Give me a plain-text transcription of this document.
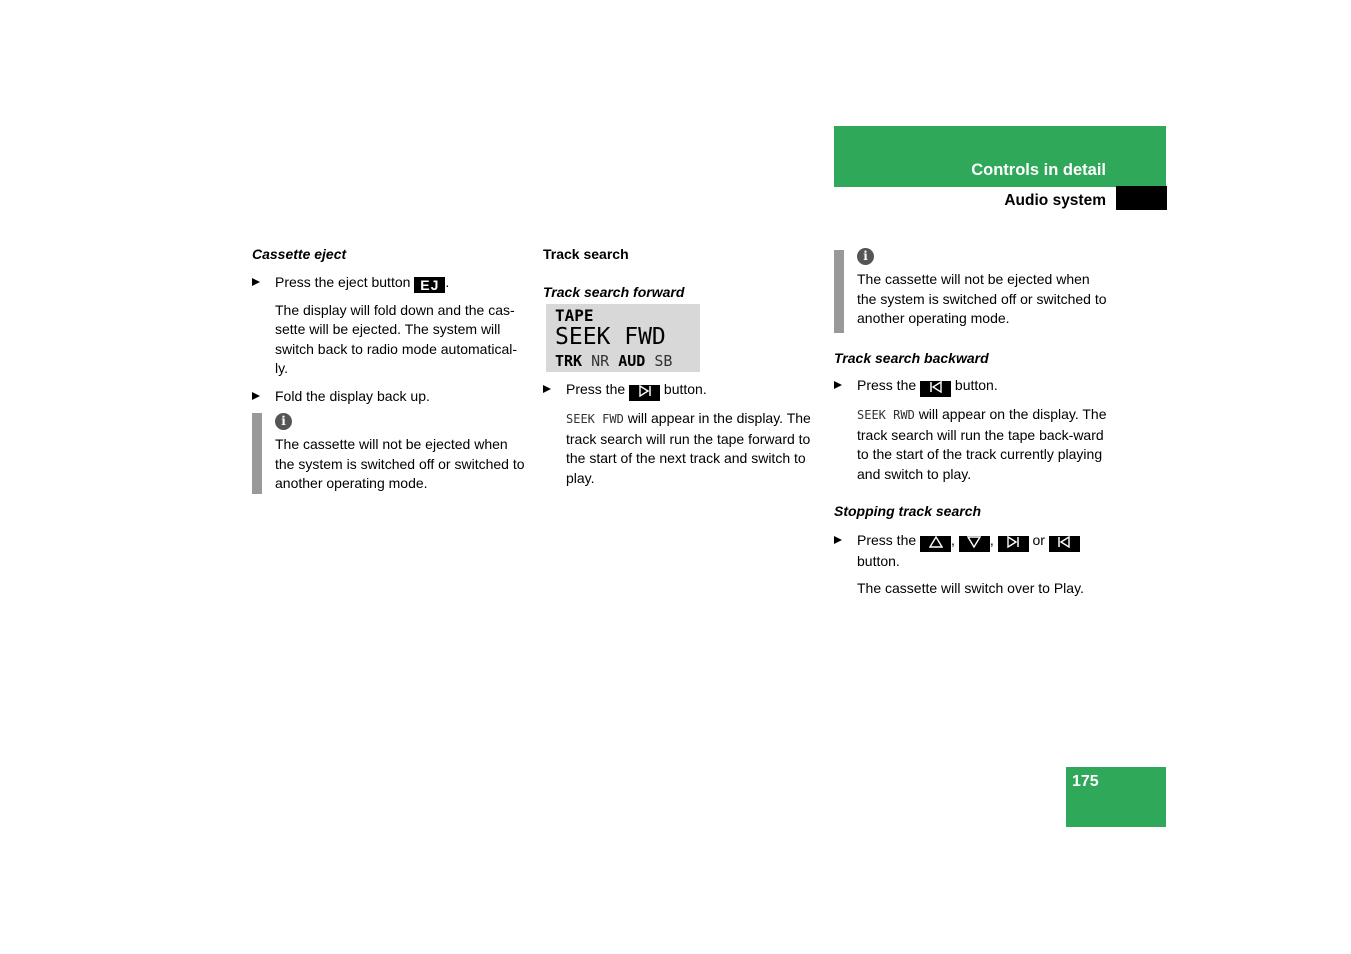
Controls in detail
Audio system

Cassette eject

Press the eject button EJ .

The display will fold down and the cas-sette will be ejected. The system will switch back to radio mode automatical-ly.

Fold the display back up.

i
The cassette will not be ejected when the system is switched off or switched to another operating mode.

Track search

Track search forward

TAPE
SEEK FWD
TRK NR AUD SB

Press the	button.

SEEK FWD will appear in the display. The track search will run the tape forward to the start of the next track and switch to play.

i
The cassette will not be ejected when the system is switched off or switched to another operating mode.

Track search backward

Press the	button.

SEEK RWD will appear on the display. The track search will run the tape back-ward to the start of the track currently playing and switch to play.

Stopping track search

Press the , ,	or
button.

The cassette will switch over to Play.

175
